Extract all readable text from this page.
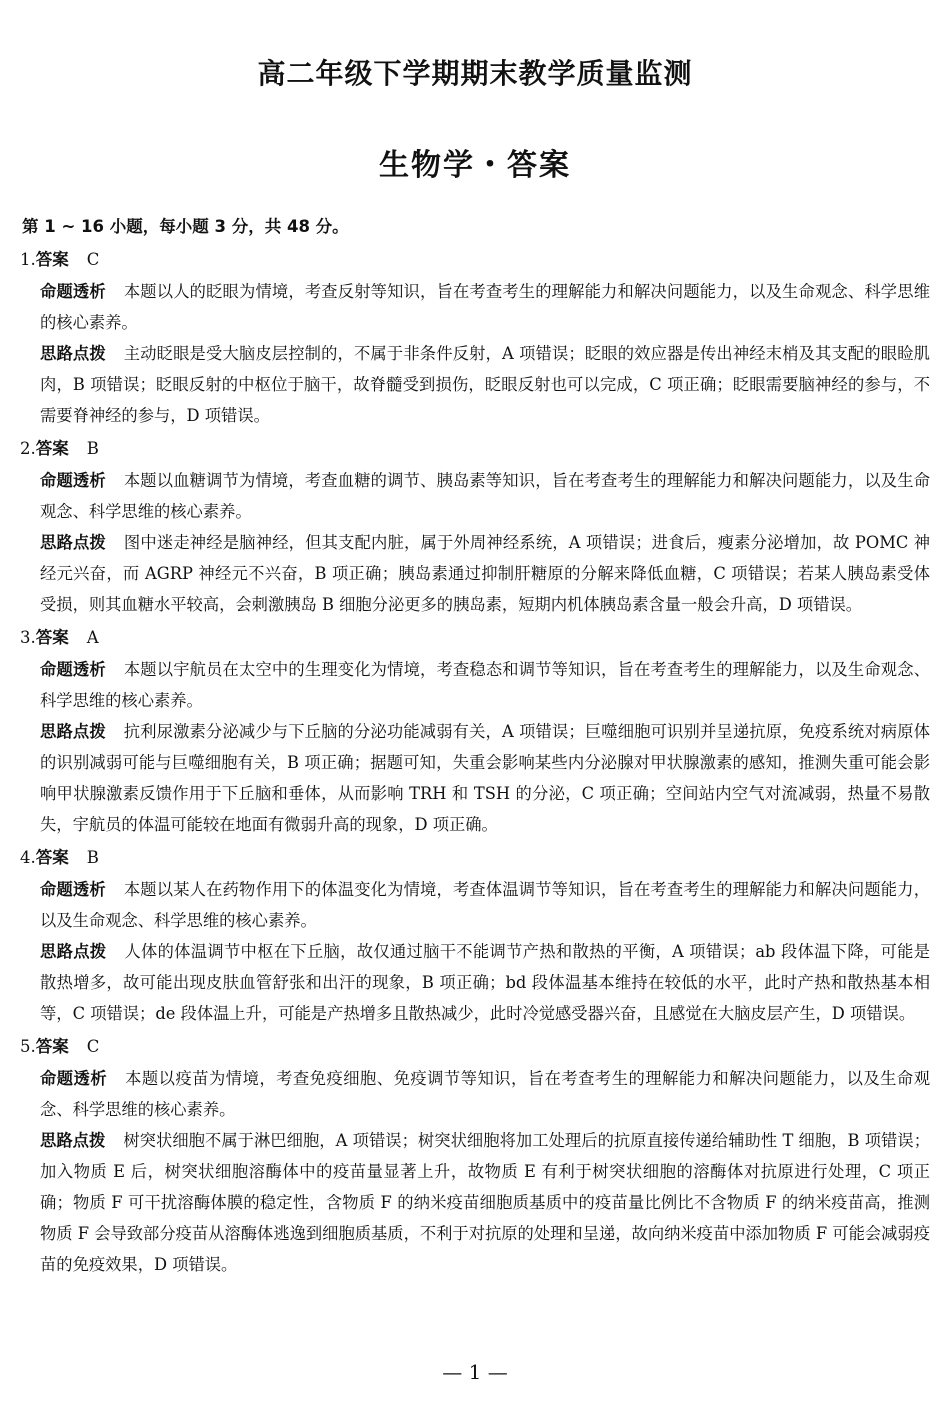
高二年级下学期期末教学质量监测
生物学・答案
第 1 ~ 16 小题，每小题 3 分，共 48 分。
1.答案 C

命题透析 本题以人的眨眼为情境，考查反射等知识，旨在考查考生的理解能力和解决问题能力，以及生命观念、科学思维的核心素养。

思路点拨 主动眨眼是受大脑皮层控制的，不属于非条件反射，A 项错误；眨眼的效应器是传出神经末梢及其支配的眼睑肌肉，B 项错误；眨眼反射的中枢位于脑干，故脊髓受到损伤，眨眼反射也可以完成，C 项正确；眨眼需要脑神经的参与，不需要脊神经的参与，D 项错误。

2.答案 B

命题透析 本题以血糖调节为情境，考查血糖的调节、胰岛素等知识，旨在考查考生的理解能力和解决问题能力，以及生命观念、科学思维的核心素养。

思路点拨 图中迷走神经是脑神经，但其支配内脏，属于外周神经系统，A 项错误；进食后，瘦素分泌增加，故 POMC 神经元兴奋，而 AGRP 神经元不兴奋，B 项正确；胰岛素通过抑制肝糖原的分解来降低血糖，C 项错误；若某人胰岛素受体受损，则其血糖水平较高，会刺激胰岛 B 细胞分泌更多的胰岛素，短期内机体胰岛素含量一般会升高，D 项错误。

3.答案 A

命题透析 本题以宇航员在太空中的生理变化为情境，考查稳态和调节等知识，旨在考查考生的理解能力，以及生命观念、科学思维的核心素养。

思路点拨 抗利尿激素分泌减少与下丘脑的分泌功能减弱有关，A 项错误；巨噬细胞可识别并呈递抗原，免疫系统对病原体的识别减弱可能与巨噬细胞有关，B 项正确；据题可知，失重会影响某些内分泌腺对甲状腺激素的感知，推测失重可能会影响甲状腺激素反馈作用于下丘脑和垂体，从而影响 TRH 和 TSH 的分泌，C 项正确；空间站内空气对流减弱，热量不易散失，宇航员的体温可能较在地面有微弱升高的现象，D 项正确。

4.答案 B

命题透析 本题以某人在药物作用下的体温变化为情境，考查体温调节等知识，旨在考查考生的理解能力和解决问题能力，以及生命观念、科学思维的核心素养。

思路点拨 人体的体温调节中枢在下丘脑，故仅通过脑干不能调节产热和散热的平衡，A 项错误；ab 段体温下降，可能是散热增多，故可能出现皮肤血管舒张和出汗的现象，B 项正确；bd 段体温基本维持在较低的水平，此时产热和散热基本相等，C 项错误；de 段体温上升，可能是产热增多且散热减少，此时冷觉感受器兴奋，且感觉在大脑皮层产生，D 项错误。

5.答案 C

命题透析 本题以疫苗为情境，考查免疫细胞、免疫调节等知识，旨在考查考生的理解能力和解决问题能力，以及生命观念、科学思维的核心素养。

思路点拨 树突状细胞不属于淋巴细胞，A 项错误；树突状细胞将加工处理后的抗原直接传递给辅助性 T 细胞，B 项错误；加入物质 E 后，树突状细胞溶酶体中的疫苗量显著上升，故物质 E 有利于树突状细胞的溶酶体对抗原进行处理，C 项正确；物质 F 可干扰溶酶体膜的稳定性，含物质 F 的纳米疫苗细胞质基质中的疫苗量比例比不含物质 F 的纳米疫苗高，推测物质 F 会导致部分疫苗从溶酶体逃逸到细胞质基质，不利于对抗原的处理和呈递，故向纳米疫苗中添加物质 F 可能会减弱疫苗的免疫效果，D 项错误。

— 1 —
